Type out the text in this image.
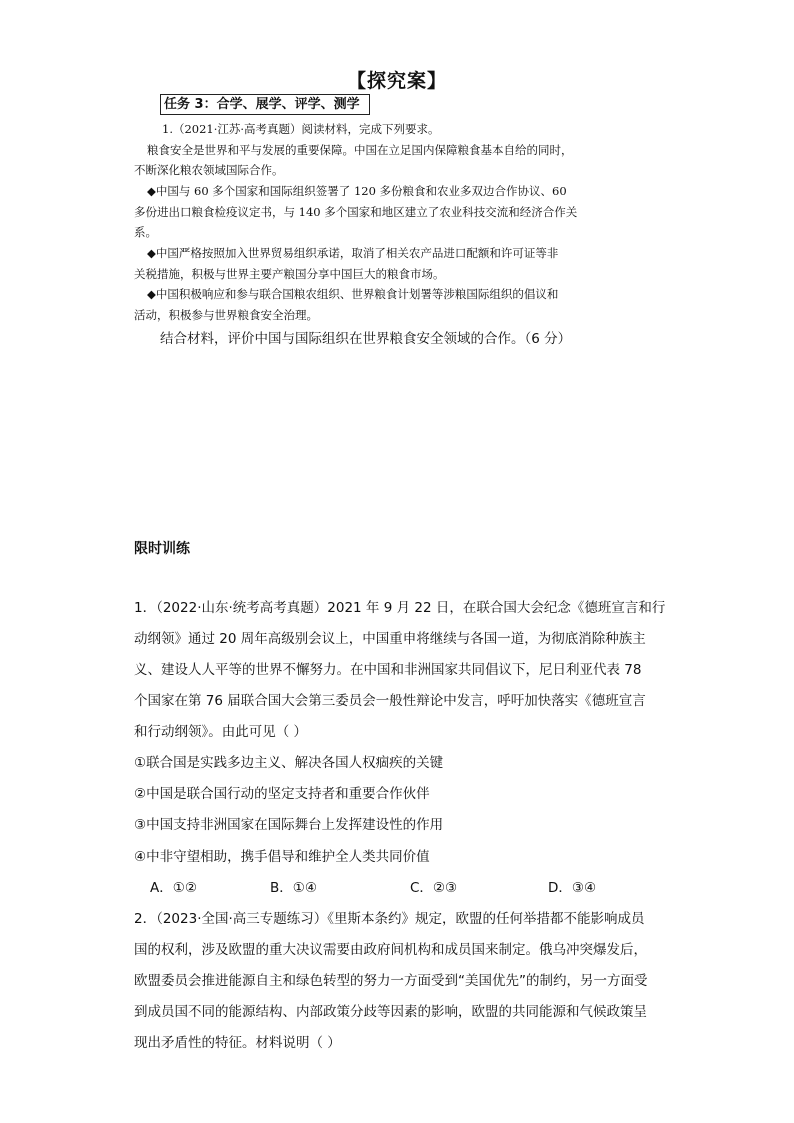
【探究案】
任务 3：合学、展学、评学、测学
1.（2021·江苏·高考真题）阅读材料，完成下列要求。
粮食安全是世界和平与发展的重要保障。中国在立足国内保障粮食基本自给的同时，
不断深化粮农领域国际合作。
◆中国与 60 多个国家和国际组织签署了 120 多份粮食和农业多双边合作协议、60
多份进出口粮食检疫议定书，与 140 多个国家和地区建立了农业科技交流和经济合作关
系。
◆中国严格按照加入世界贸易组织承诺，取消了相关农产品进口配额和许可证等非
关税措施，积极与世界主要产粮国分享中国巨大的粮食市场。
◆中国积极响应和参与联合国粮农组织、世界粮食计划署等涉粮国际组织的倡议和
活动，积极参与世界粮食安全治理。
结合材料，评价中国与国际组织在世界粮食安全领域的合作。（6 分）
限时训练
1．（2022·山东·统考高考真题）2021 年 9 月 22 日，在联合国大会纪念《德班宣言和行
动纲领》通过 20 周年高级别会议上，中国重申将继续与各国一道，为彻底消除种族主
义、建设人人平等的世界不懈努力。在中国和非洲国家共同倡议下，尼日利亚代表 78
个国家在第 76 届联合国大会第三委员会一般性辩论中发言，呼吁加快落实《德班宣言
和行动纲领》。由此可见（ ）
①联合国是实践多边主义、解决各国人权痼疾的关键
②中国是联合国行动的坚定支持者和重要合作伙伴
③中国支持非洲国家在国际舞台上发挥建设性的作用
④中非守望相助，携手倡导和维护全人类共同价值
A．①②	B．①④	C．②③	D．③④
2．（2023·全国·高三专题练习）《里斯本条约》规定，欧盟的任何举措都不能影响成员
国的权利，涉及欧盟的重大决议需要由政府间机构和成员国来制定。俄乌冲突爆发后，
欧盟委员会推进能源自主和绿色转型的努力一方面受到“美国优先”的制约，另一方面受
到成员国不同的能源结构、内部政策分歧等因素的影响，欧盟的共同能源和气候政策呈
现出矛盾性的特征。材料说明（ ）
